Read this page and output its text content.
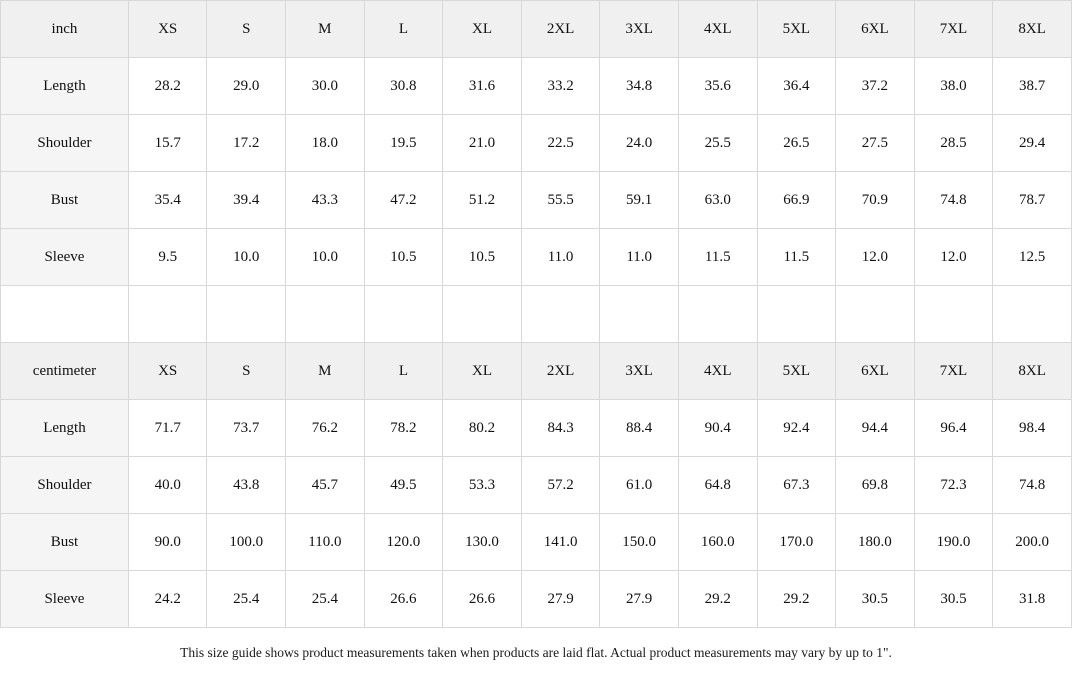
inch	XS	S	M	L	XL	2XL	3XL	4XL	5XL	6XL	7XL	8XL
Length	28.2	29.0	30.0	30.8	31.6	33.2	34.8	35.6	36.4	37.2	38.0	38.7
Shoulder	15.7	17.2	18.0	19.5	21.0	22.5	24.0	25.5	26.5	27.5	28.5	29.4
Bust	35.4	39.4	43.3	47.2	51.2	55.5	59.1	63.0	66.9	70.9	74.8	78.7
Sleeve	9.5	10.0	10.0	10.5	10.5	11.0	11.0	11.5	11.5	12.0	12.0	12.5

centimeter	XS	S	M	L	XL	2XL	3XL	4XL	5XL	6XL	7XL	8XL
Length	71.7	73.7	76.2	78.2	80.2	84.3	88.4	90.4	92.4	94.4	96.4	98.4
Shoulder	40.0	43.8	45.7	49.5	53.3	57.2	61.0	64.8	67.3	69.8	72.3	74.8
Bust	90.0	100.0	110.0	120.0	130.0	141.0	150.0	160.0	170.0	180.0	190.0	200.0
Sleeve	24.2	25.4	25.4	26.6	26.6	27.9	27.9	29.2	29.2	30.5	30.5	31.8
This size guide shows product measurements taken when products are laid flat. Actual product measurements may vary by up to 1".
